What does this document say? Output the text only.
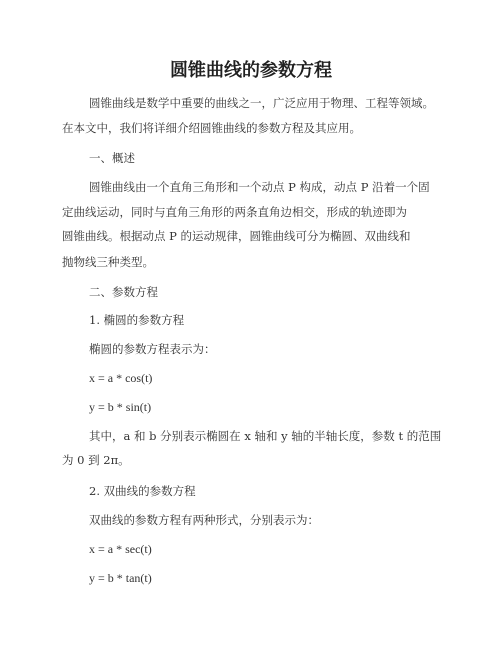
圆锥曲线的参数方程
圆锥曲线是数学中重要的曲线之一，广泛应用于物理、工程等领域。
在本文中，我们将详细介绍圆锥曲线的参数方程及其应用。
一、概述
圆锥曲线由一个直角三角形和一个动点 P 构成，动点 P 沿着一个固
定曲线运动，同时与直角三角形的两条直角边相交，形成的轨迹即为
圆锥曲线。根据动点 P 的运动规律，圆锥曲线可分为椭圆、双曲线和
抛物线三种类型。
二、参数方程
1. 椭圆的参数方程
椭圆的参数方程表示为：
x = a * cos(t)
y = b * sin(t)
其中，a 和 b 分别表示椭圆在 x 轴和 y 轴的半轴长度，参数 t 的范围
为 0 到 2π。
2. 双曲线的参数方程
双曲线的参数方程有两种形式，分别表示为：
x = a * sec(t)
y = b * tan(t)
